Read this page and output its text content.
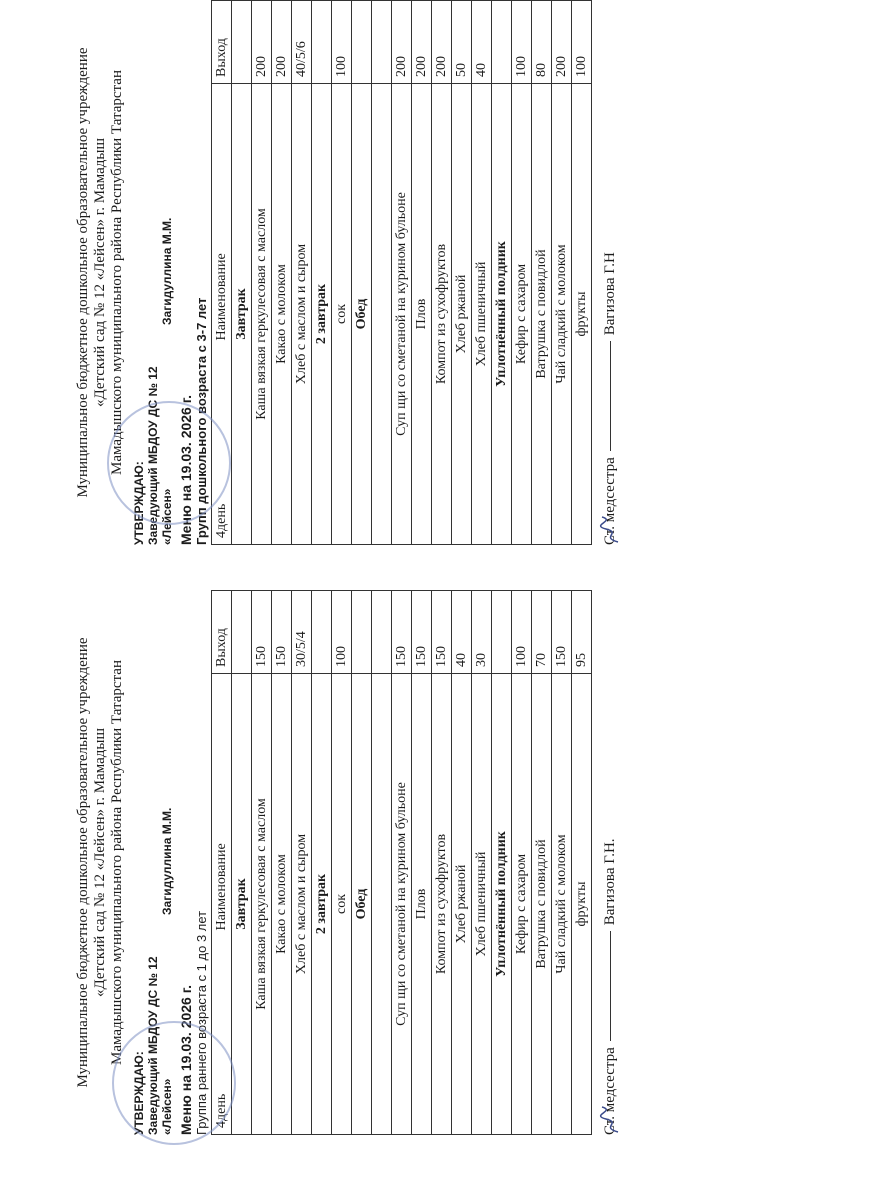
Муниципальное бюджетное дошкольное образовательное учреждение «Детский сад № 12 «Лейсен» г. Мамадыш Мамадышского муниципального района Республики Татарстан
УТВЕРЖДАЮ: Заведующий МБДОУ ДС № 12 «Лейсен»
Загидуллина М.М.
Меню на 19.03. 2026 г. Группа раннего возраста с 1 до 3 лет 4день
Наименование	Выход
Завтрак	
Каша вязкая геркулесовая с маслом	150
Какао с молоком	150
Хлеб с маслом и сыром	30/5/4
2 завтрак	
сок	100
Обед	

Суп щи со сметаной на курином бульоне	150
Плов	150
Компот из сухофруктов	150
Хлеб ржаной	40
Хлеб пшеничный	30
Уплотнённый полдник	
Кефир с сахаром	100
Ватрушка с повидлой	70
Чай сладкий с молоком	150
фрукты	95
Ст. медсестра
Вагизова Г.Н.
Муниципальное бюджетное дошкольное образовательное учреждение «Детский сад № 12 «Лейсен» г. Мамадыш Мамадышского муниципального района Республики Татарстан
УТВЕРЖДАЮ: Заведующий МБДОУ ДС № 12 «Лейсен»
Загидуллина М.М.
Меню на 19.03. 2026 г. Групп дошкольного возраста с 3-7 лет 4день
Наименование	Выход
Завтрак	
Каша вязкая геркулесовая с маслом	200
Какао с молоком	200
Хлеб с маслом и сыром	40/5/6
2 завтрак	
сок	100
Обед	

Суп щи со сметаной на курином бульоне	200
Плов	200
Компот из сухофруктов	200
Хлеб ржаной	50
Хлеб пшеничный	40
Уплотнённый полдник	
Кефир с сахаром	100
Ватрушка с повидлой	80
Чай сладкий с молоком	200
фрукты	100
Ст. медсестра
Вагизова Г.Н
